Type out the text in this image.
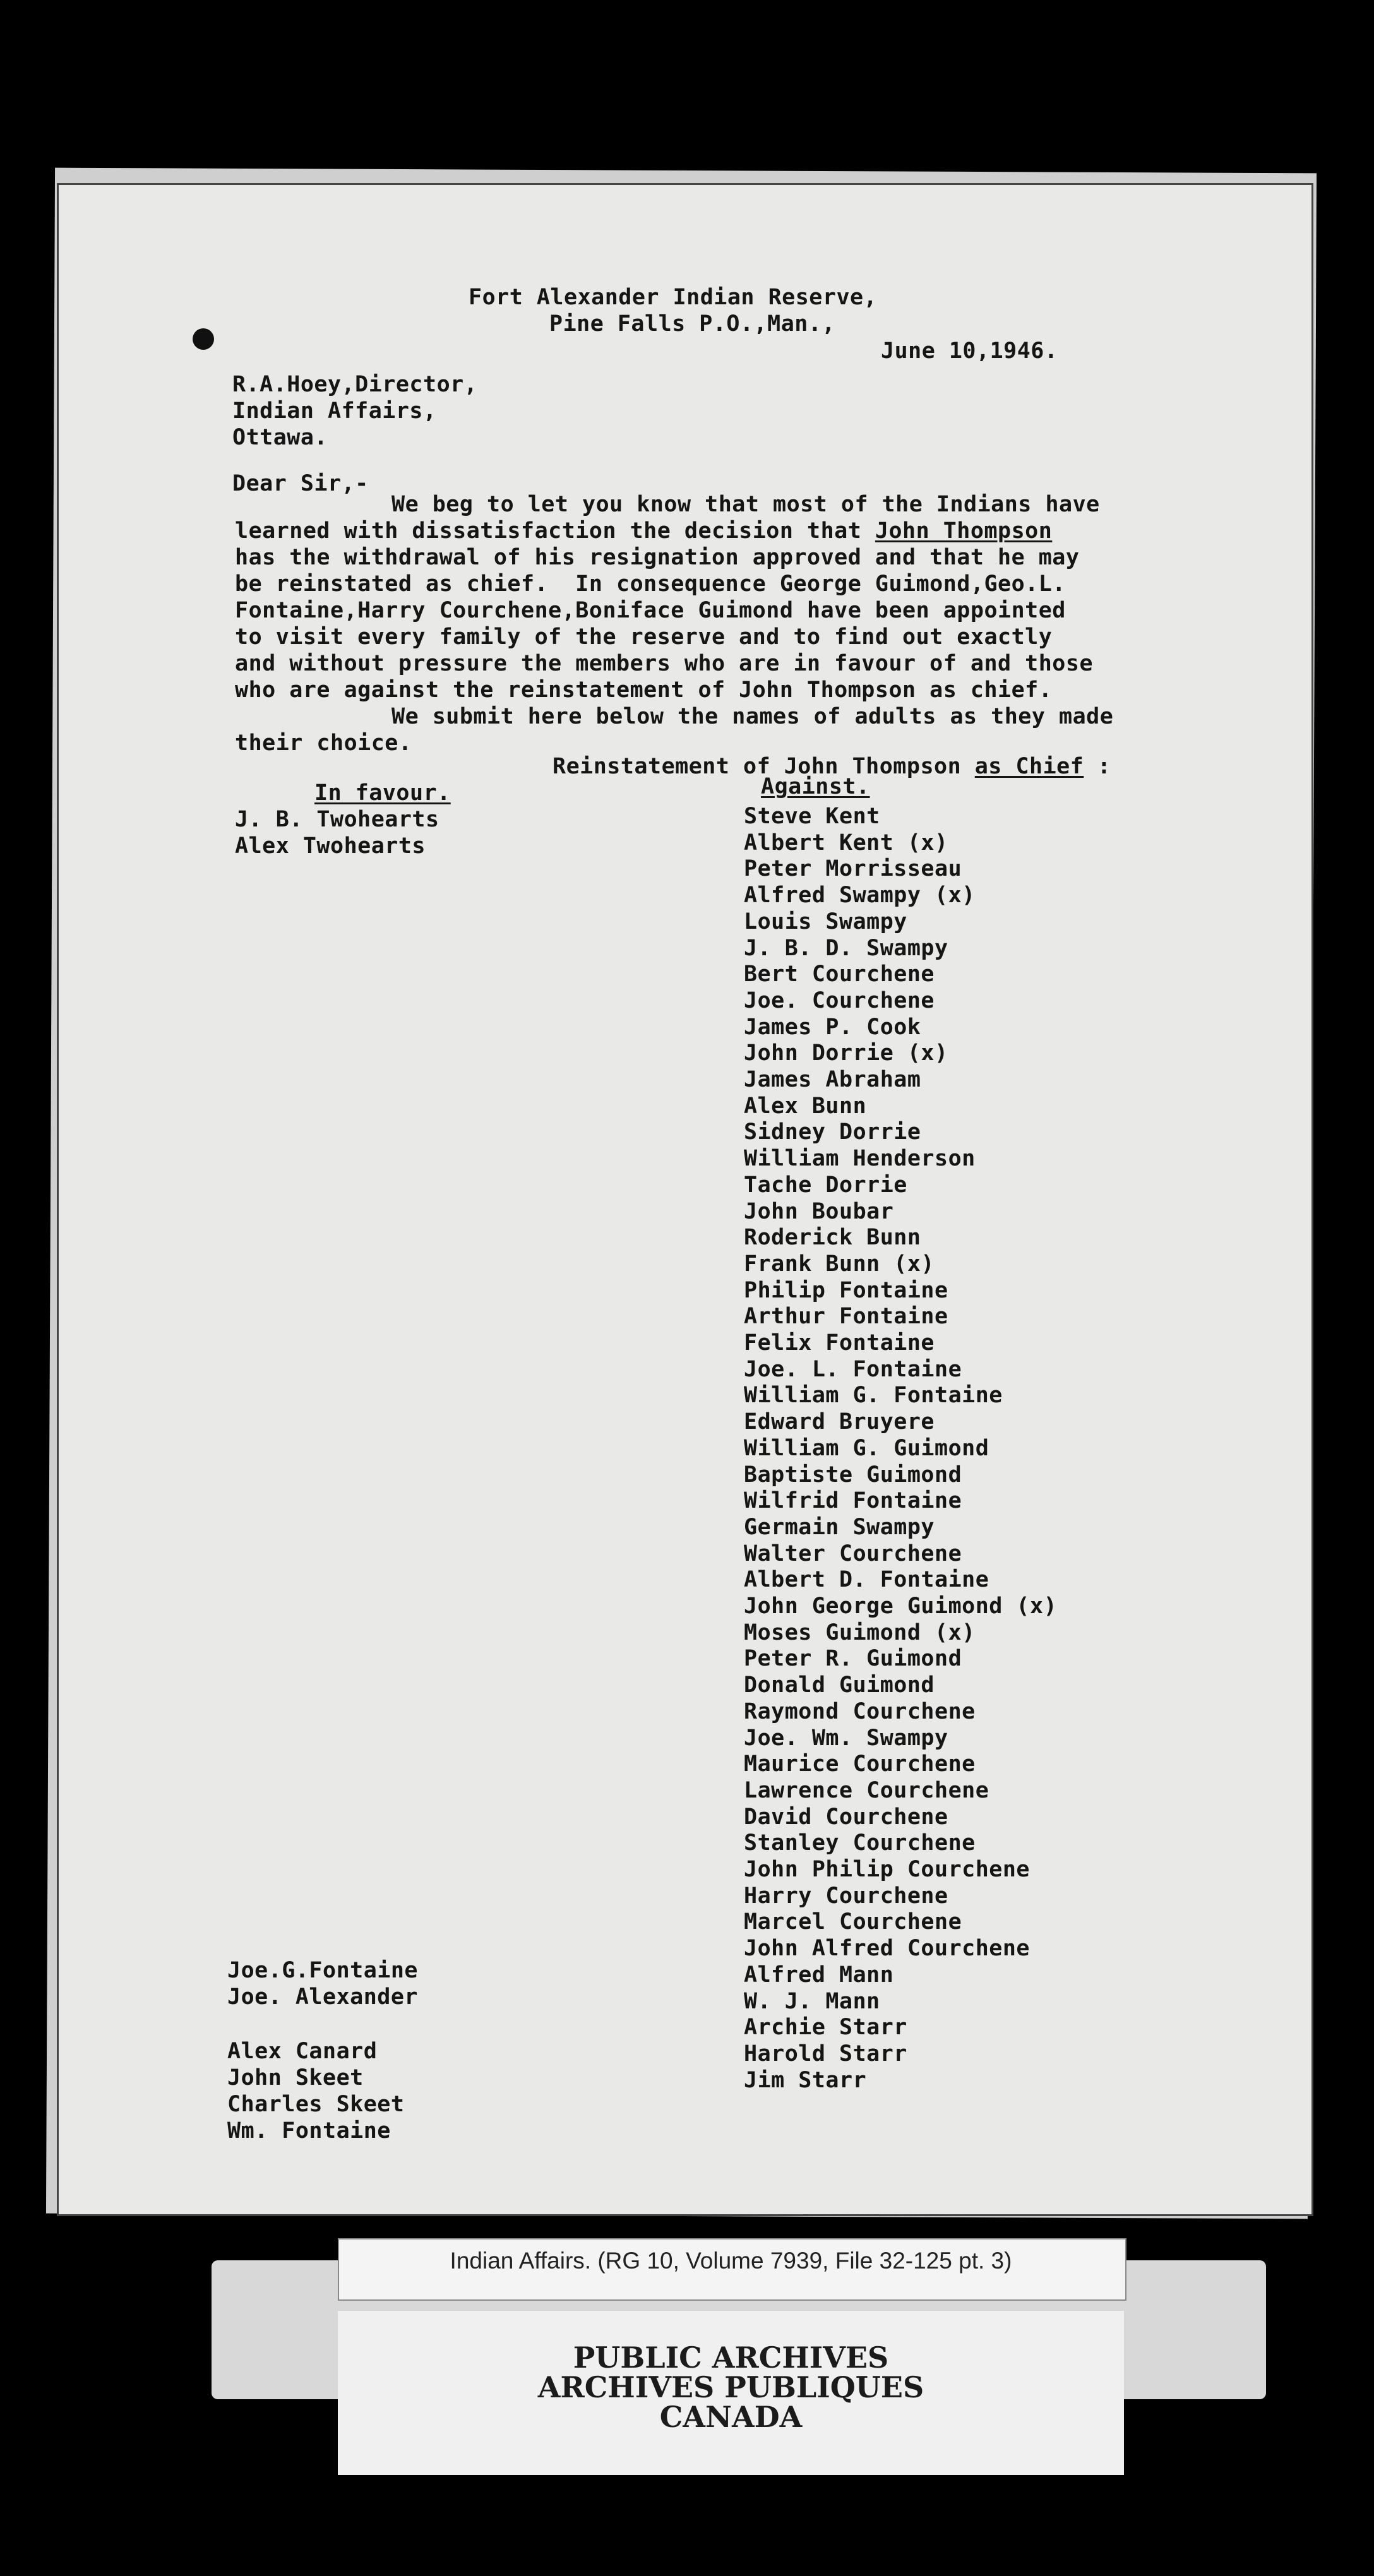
Fort Alexander Indian Reserve,
Pine Falls P.O.,Man.,
June 10,1946.
R.A.Hoey,Director,
Indian Affairs,
Ottawa.
Dear Sir,-
We beg to let you know that most of the Indians have
learned with dissatisfaction the decision that John Thompson
has the withdrawal of his resignation approved and that he may
be reinstated as chief.  In consequence George Guimond,Geo.L.
Fontaine,Harry Courchene,Boniface Guimond have been appointed
to visit every family of the reserve and to find out exactly
and without pressure the members who are in favour of and those
who are against the reinstatement of John Thompson as chief.
We submit here below the names of adults as they made
their choice.
Reinstatement of John Thompson as Chief :
In favour.	Against.
J. B. Twohearts
Alex Twohearts
Joe.G.Fontaine
Joe. Alexander
Alex Canard
John Skeet
Charles Skeet
Wm. Fontaine
Steve Kent
Albert Kent (x)
Peter Morrisseau
Alfred Swampy (x)
Louis Swampy
J. B. D. Swampy
Bert Courchene
Joe. Courchene
James P. Cook
John Dorrie (x)
James Abraham
Alex Bunn
Sidney Dorrie
William Henderson
Tache Dorrie
John Boubar
Roderick Bunn
Frank Bunn (x)
Philip Fontaine
Arthur Fontaine
Felix Fontaine
Joe. L. Fontaine
William G. Fontaine
Edward Bruyere
William G. Guimond
Baptiste Guimond
Wilfrid Fontaine
Germain Swampy
Walter Courchene
Albert D. Fontaine
John George Guimond (x)
Moses Guimond (x)
Peter R. Guimond
Donald Guimond
Raymond Courchene
Joe. Wm. Swampy
Maurice Courchene
Lawrence Courchene
David Courchene
Stanley Courchene
John Philip Courchene
Harry Courchene
Marcel Courchene
John Alfred Courchene
Alfred Mann
W. J. Mann
Archie Starr
Harold Starr
Jim Starr
Indian Affairs. (RG 10, Volume 7939, File 32-125 pt. 3)
PUBLIC ARCHIVES
ARCHIVES PUBLIQUES
CANADA
